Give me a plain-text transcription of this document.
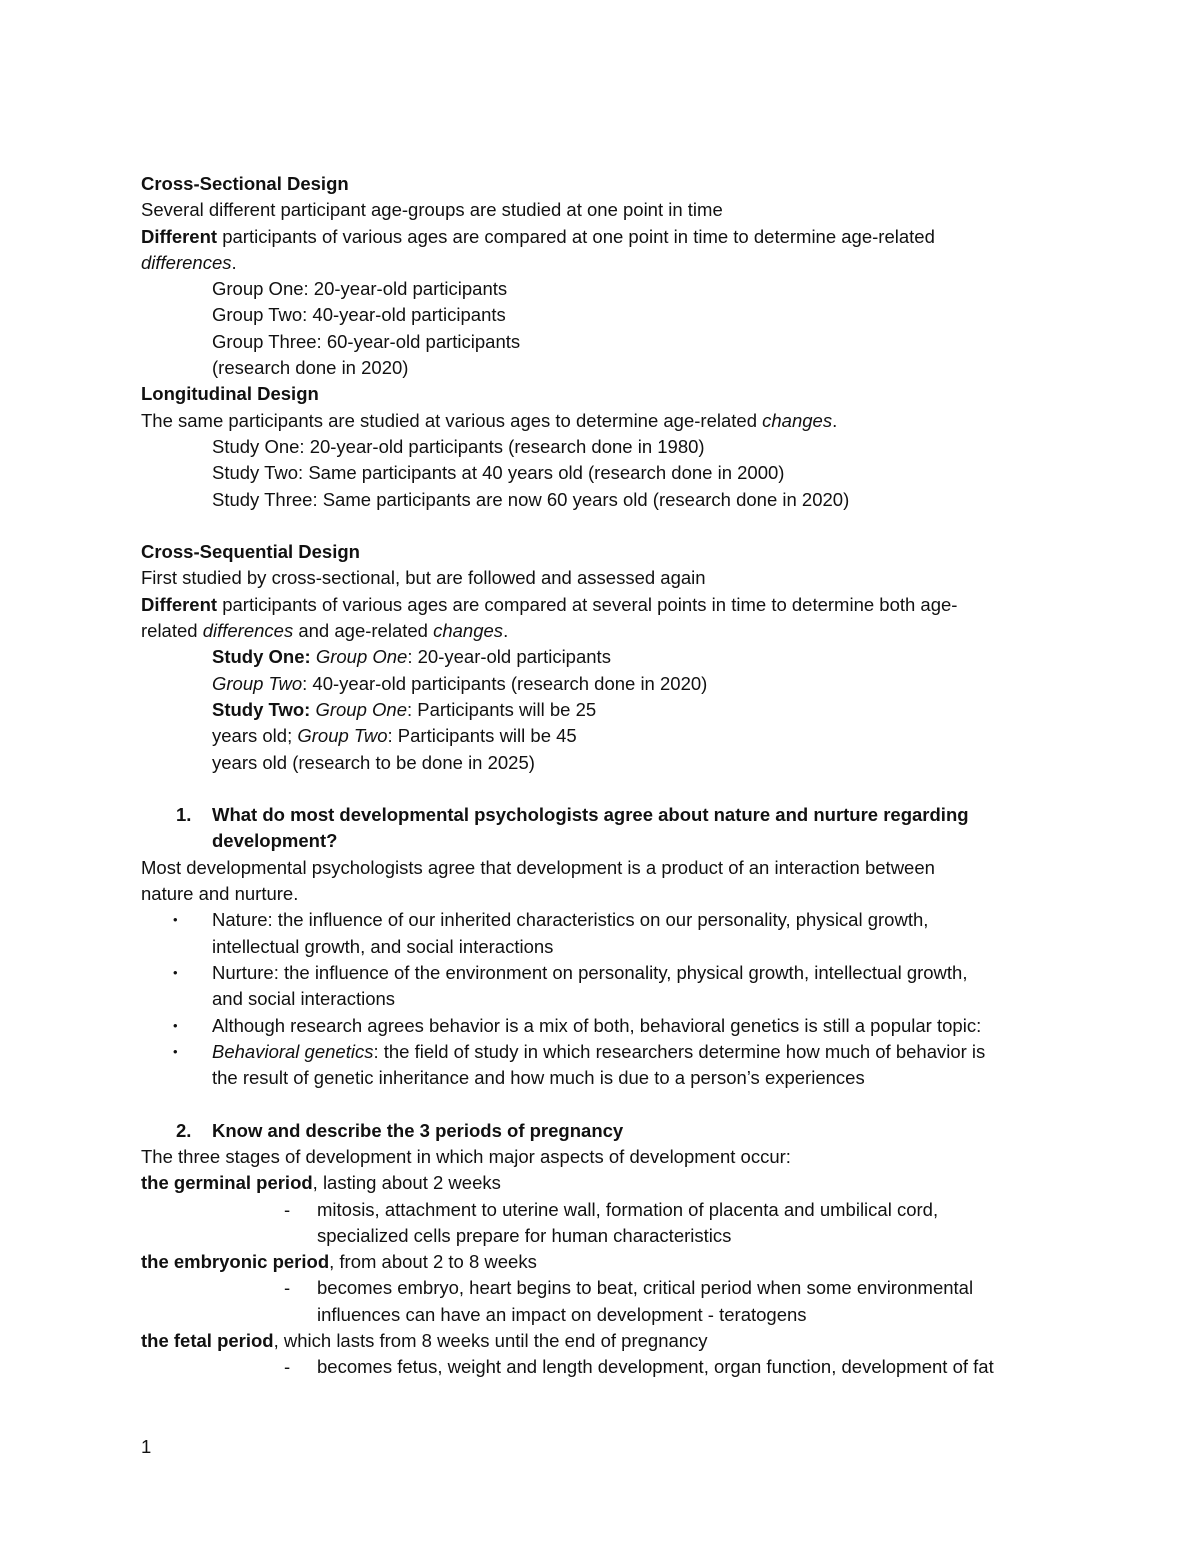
Cross-Sectional Design
Several different participant age-groups are studied at one point in time
Different participants of various ages are compared at one point in time to determine age-related
differences.
Group One: 20-year-old participants
Group Two: 40-year-old participants
Group Three: 60-year-old participants
(research done in 2020)
Longitudinal Design
The same participants are studied at various ages to determine age-related changes.
Study One: 20-year-old participants (research done in 1980)
Study Two: Same participants at 40 years old (research done in 2000)
Study Three: Same participants are now 60 years old (research done in 2020)
Cross-Sequential Design
First studied by cross-sectional, but are followed and assessed again
Different participants of various ages are compared at several points in time to determine both age-
related differences and age-related changes.
Study One: Group One: 20-year-old participants
Group Two: 40-year-old participants (research done in 2020)
Study Two: Group One: Participants will be 25
years old; Group Two: Participants will be 45
years old (research to be done in 2025)
1. What do most developmental psychologists agree about nature and nurture regarding
development?
Most developmental psychologists agree that development is a product of an interaction between
nature and nurture.
• Nature: the influence of our inherited characteristics on our personality, physical growth,
intellectual growth, and social interactions
• Nurture: the influence of the environment on personality, physical growth, intellectual growth,
and social interactions
• Although research agrees behavior is a mix of both, behavioral genetics is still a popular topic:
• Behavioral genetics: the field of study in which researchers determine how much of behavior is
the result of genetic inheritance and how much is due to a person’s experiences
2. Know and describe the 3 periods of pregnancy
The three stages of development in which major aspects of development occur:
the germinal period, lasting about 2 weeks
- mitosis, attachment to uterine wall, formation of placenta and umbilical cord,
specialized cells prepare for human characteristics
the embryonic period, from about 2 to 8 weeks
- becomes embryo, heart begins to beat, critical period when some environmental
influences can have an impact on development - teratogens
the fetal period, which lasts from 8 weeks until the end of pregnancy
- becomes fetus, weight and length development, organ function, development of fat
1
